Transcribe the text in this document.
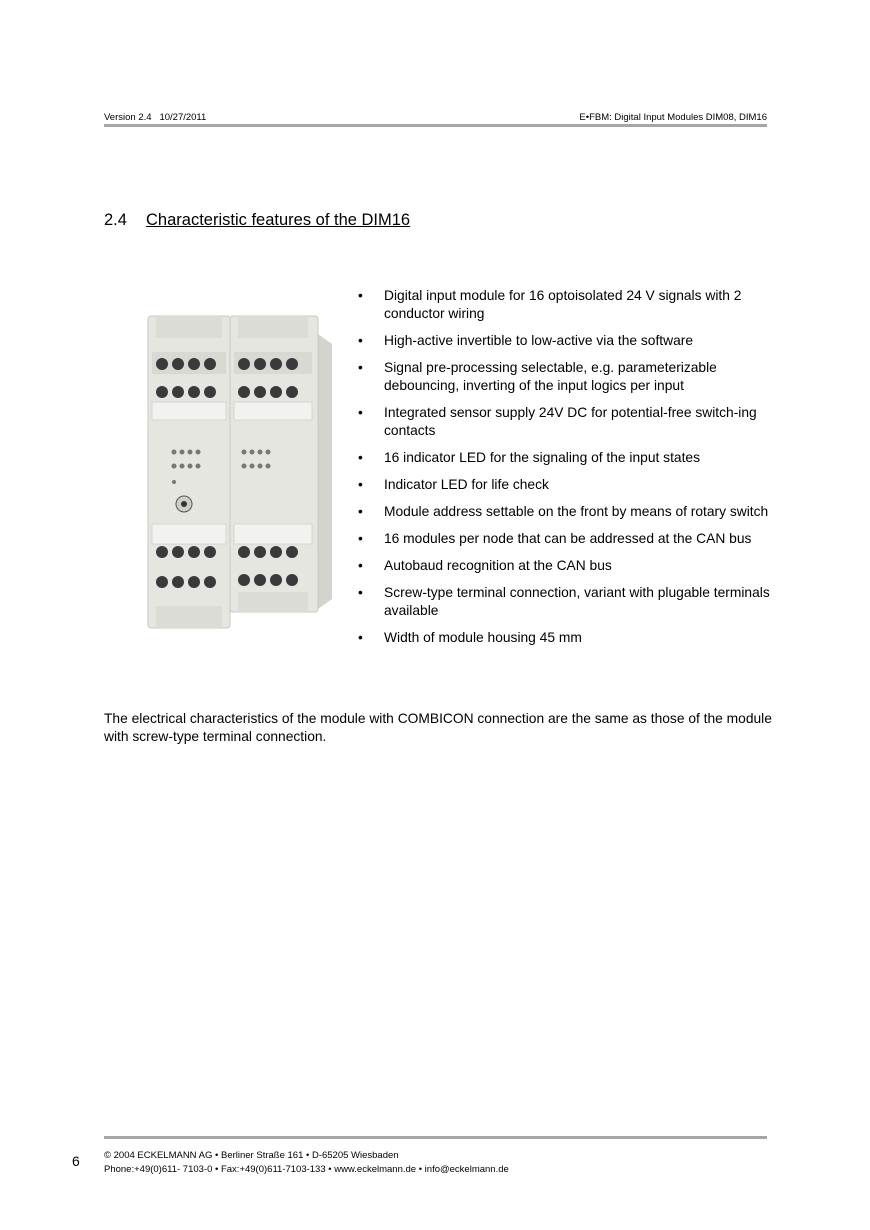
Version 2.4   10/27/2011	E•FBM: Digital Input Modules DIM08, DIM16
2.4 Characteristic features of the DIM16
• Digital input module for 16 optoisolated 24 V signals with 2 conductor wiring
• High-active invertible to low-active via the software
• Signal pre-processing selectable, e.g. parameterizable debouncing, inverting of the input logics per input
• Integrated sensor supply 24V DC for potential-free switch-ing contacts
• 16 indicator LED for the signaling of the input states
• Indicator LED for life check
• Module address settable on the front by means of rotary switch
• 16 modules per node that can be addressed at the CAN bus
• Autobaud recognition at the CAN bus
• Screw-type terminal connection, variant with plugable terminals available
• Width of module housing 45 mm
The electrical characteristics of the module with COMBICON connection are the same as those of the module with screw-type terminal connection.
6	© 2004 ECKELMANN AG • Berliner Straße 161 • D-65205 Wiesbaden
Phone:+49(0)611- 7103-0 • Fax:+49(0)611-7103-133 • www.eckelmann.de • info@eckelmann.de
